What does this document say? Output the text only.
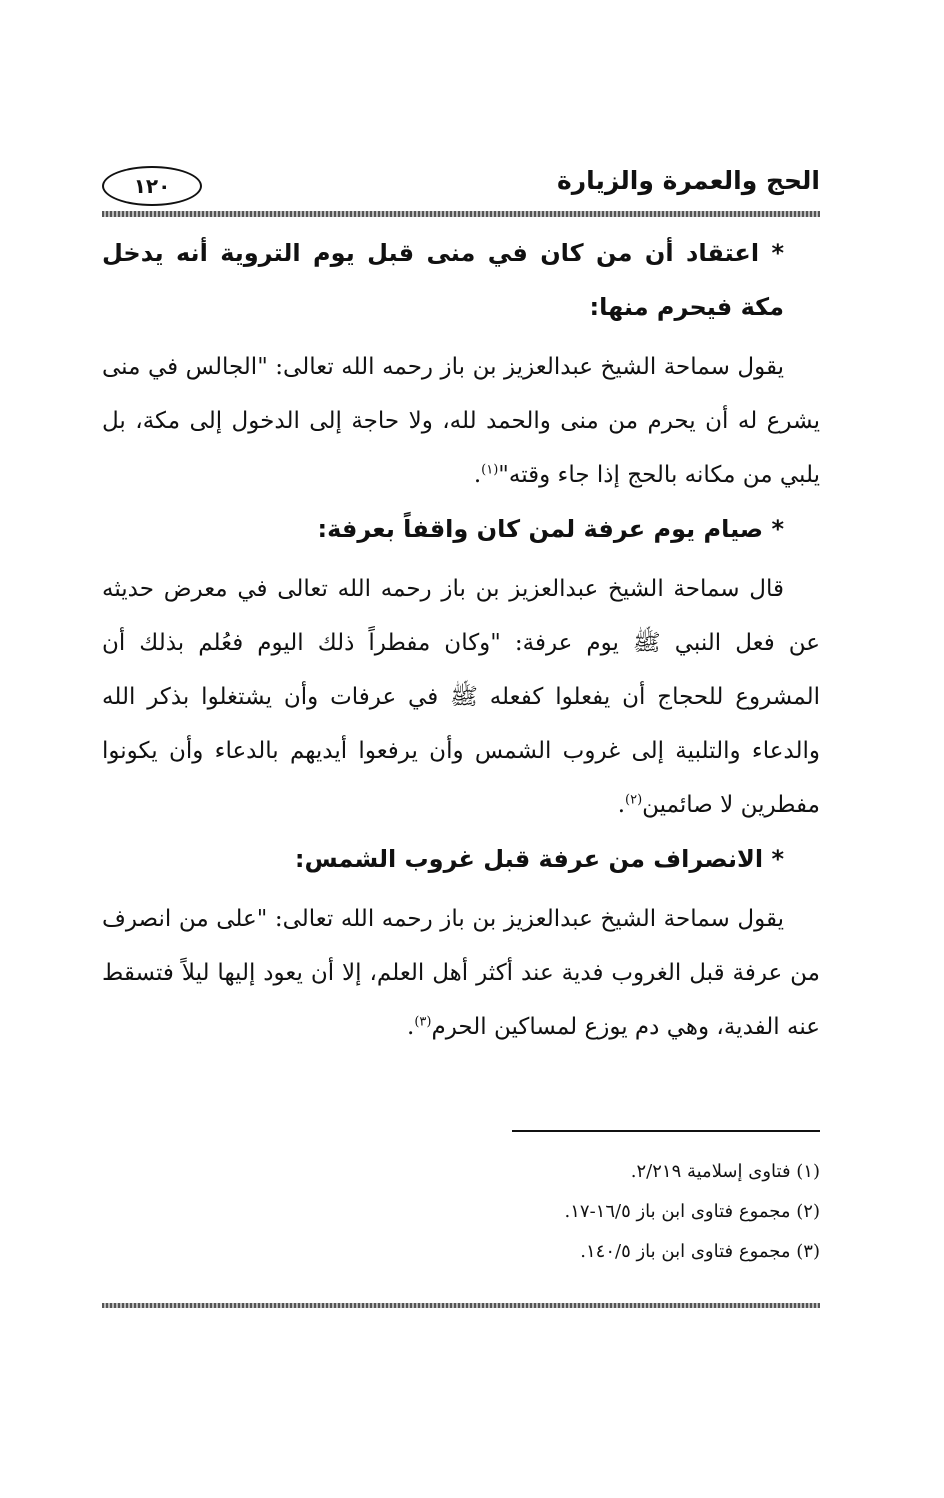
١٢٠	الحج والعمرة والزيارة

* اعتقاد أن من كان في منى قبل يوم التروية أنه يدخل مكة فيحرم منها:

يقول سماحة الشيخ عبدالعزيز بن باز رحمه الله تعالى: "الجالس في منى يشرع له أن يحرم من منى والحمد لله، ولا حاجة إلى الدخول إلى مكة، بل يلبي من مكانه بالحج إذا جاء وقته"$^{(١)}$.

* صيام يوم عرفة لمن كان واقفاً بعرفة:

قال سماحة الشيخ عبدالعزيز بن باز رحمه الله تعالى في معرض حديثه عن فعل النبي ﷺ يوم عرفة: "وكان مفطراً ذلك اليوم فعُلم بذلك أن المشروع للحجاج أن يفعلوا كفعله ﷺ في عرفات وأن يشتغلوا بذكر الله والدعاء والتلبية إلى غروب الشمس وأن يرفعوا أيديهم بالدعاء وأن يكونوا مفطرين لا صائمين$^{(٢)}$.

* الانصراف من عرفة قبل غروب الشمس:

يقول سماحة الشيخ عبدالعزيز بن باز رحمه الله تعالى: "على من انصرف من عرفة قبل الغروب فدية عند أكثر أهل العلم، إلا أن يعود إليها ليلاً فتسقط عنه الفدية، وهي دم يوزع لمساكين الحرم$^{(٣)}$.

(١) فتاوى إسلامية ٢/٢١٩.

(٢) مجموع فتاوى ابن باز ١٦/٥-١٧.

(٣) مجموع فتاوى ابن باز ١٤٠/٥.
